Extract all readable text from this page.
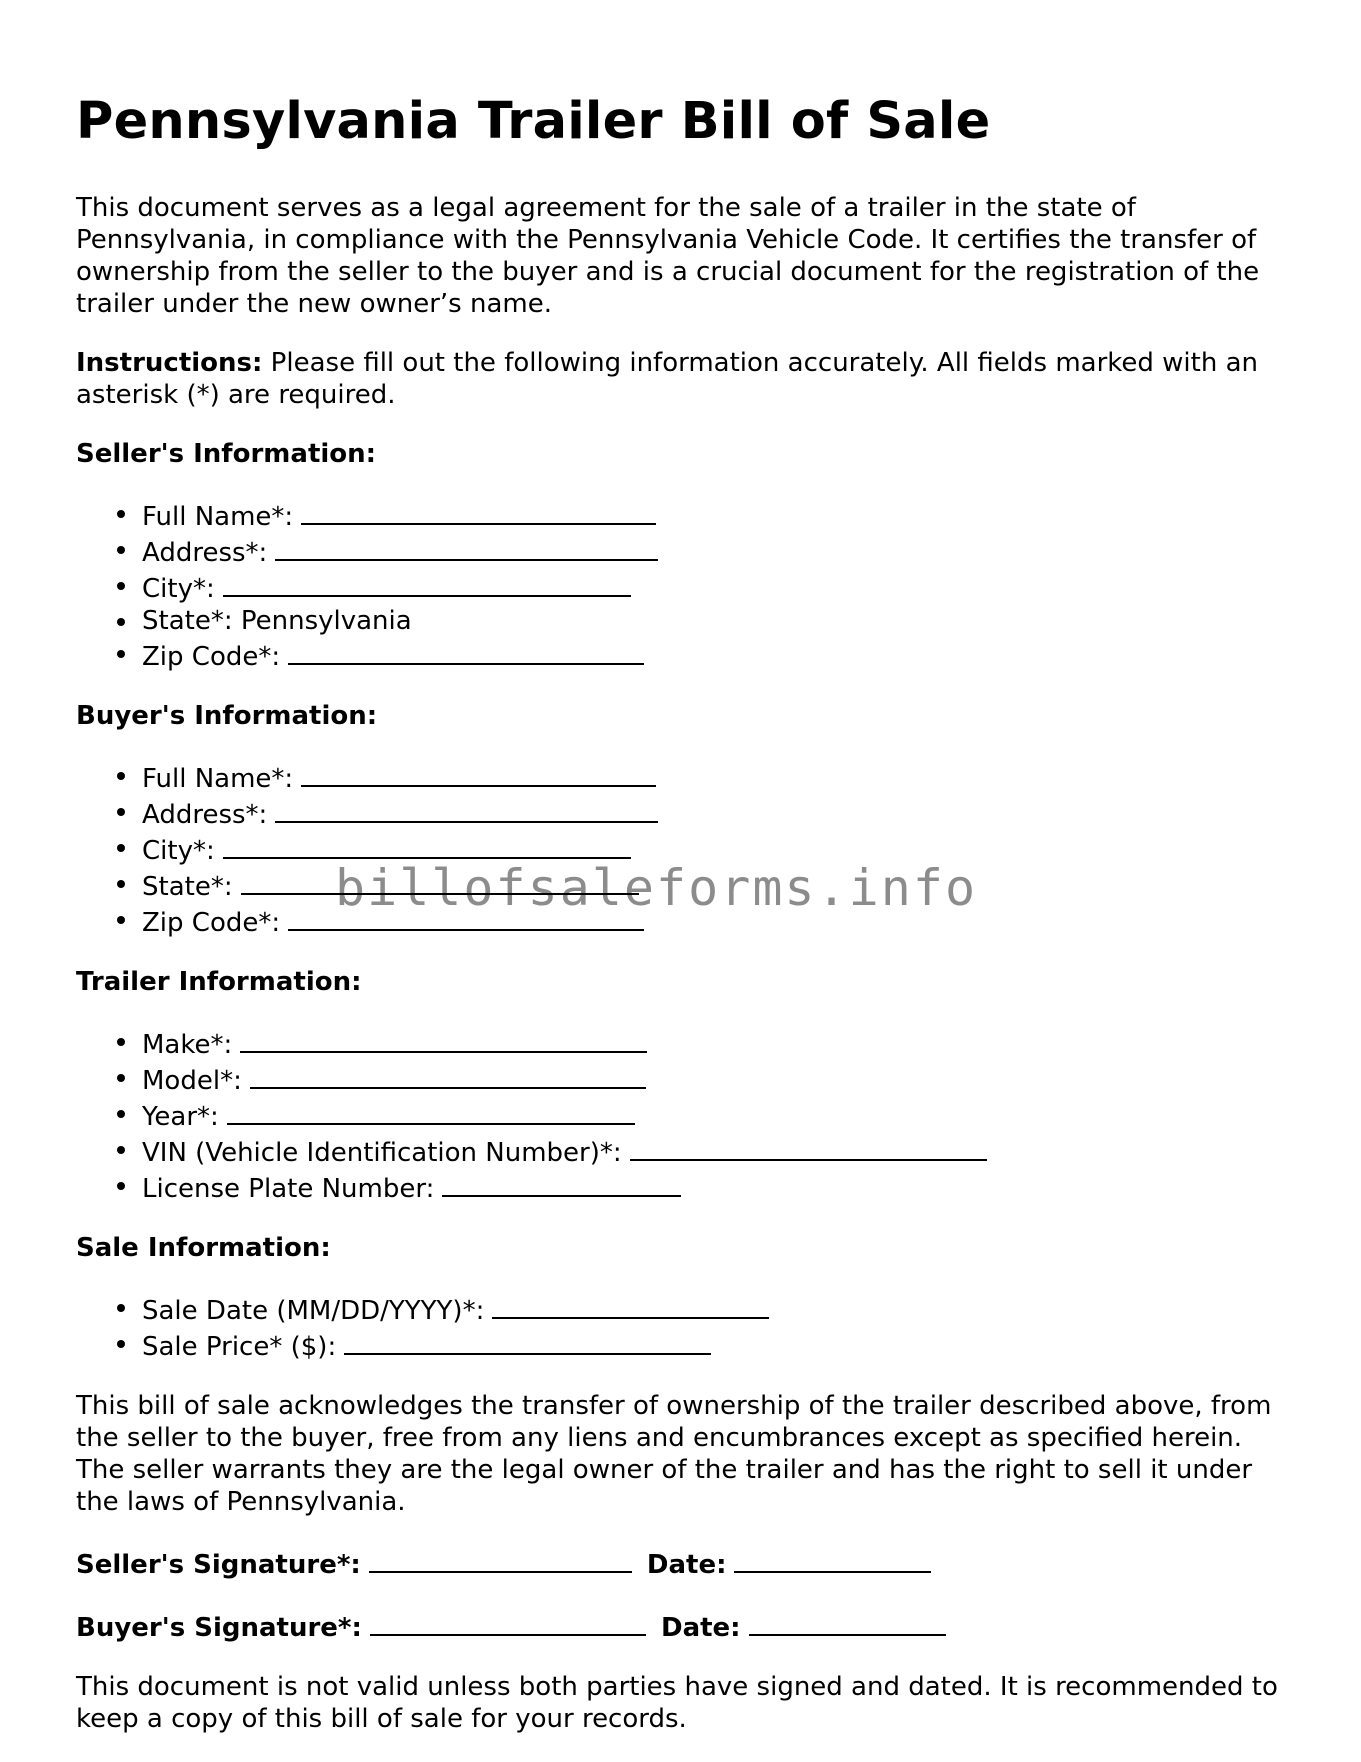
Pennsylvania Trailer Bill of Sale

This document serves as a legal agreement for the sale of a trailer in the state of Pennsylvania, in compliance with the Pennsylvania Vehicle Code. It certifies the transfer of ownership from the seller to the buyer and is a crucial document for the registration of the trailer under the new owner’s name.

Instructions: Please fill out the following information accurately. All fields marked with an asterisk (*) are required.

Seller's Information:
Full Name*:
Address*:
City*:
State*: Pennsylvania
Zip Code*:
Buyer's Information:
Full Name*:
Address*:
City*:
State*:
Zip Code*:
Trailer Information:
Make*:
Model*:
Year*:
VIN (Vehicle Identification Number)*:
License Plate Number:
Sale Information:
Sale Date (MM/DD/YYYY)*:
Sale Price* ($):

This bill of sale acknowledges the transfer of ownership of the trailer described above, from the seller to the buyer, free from any liens and encumbrances except as specified herein. The seller warrants they are the legal owner of the trailer and has the right to sell it under the laws of Pennsylvania.

Seller's Signature*:	Date:
Buyer's Signature*:	Date:

This document is not valid unless both parties have signed and dated. It is recommended to keep a copy of this bill of sale for your records.

billofsaleforms.info
